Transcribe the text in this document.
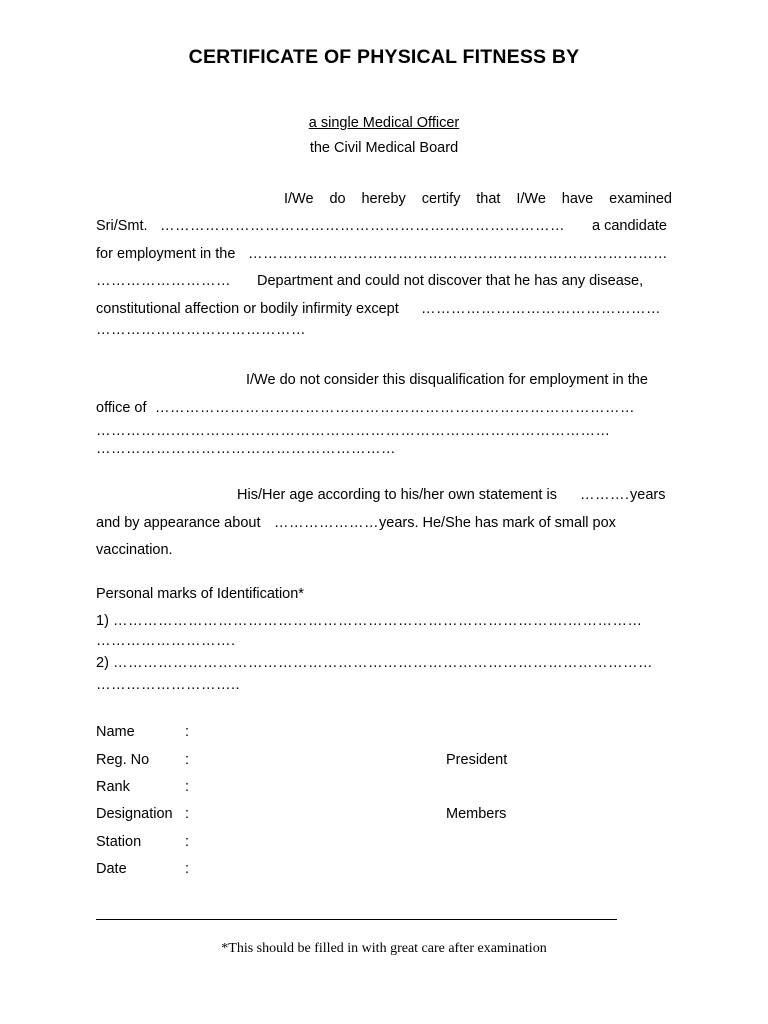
CERTIFICATE OF PHYSICAL FITNESS BY
a single Medical Officer
the Civil Medical Board
I/We do hereby certify that I/We have examined
Sri/Smt. ……………………………………………………………………… a candidate
for employment in the …………………………………………………………………………
……………………… Department and could not discover that he has any disease,
constitutional affection or bodily infirmity except …………………………………………
……………………………………
I/We do not consider this disqualification for employment in the
office of ……………………………………………………………………………………
…………….……………………………………………………………………………
……………………………………………………
His/Her age according to his/her own statement is ………. years
and by appearance about ………………… years. He/She has mark of small pox
vaccination.
Personal marks of Identification*
1) ……………………………………………………………………………….……………
……………………….
2) ………………………………………………………………………………………………
………………………..
Name	:
Reg. No :	President
Rank	:
Designation :	Members
Station	:
Date	:
*This should be filled in with great care after examination
